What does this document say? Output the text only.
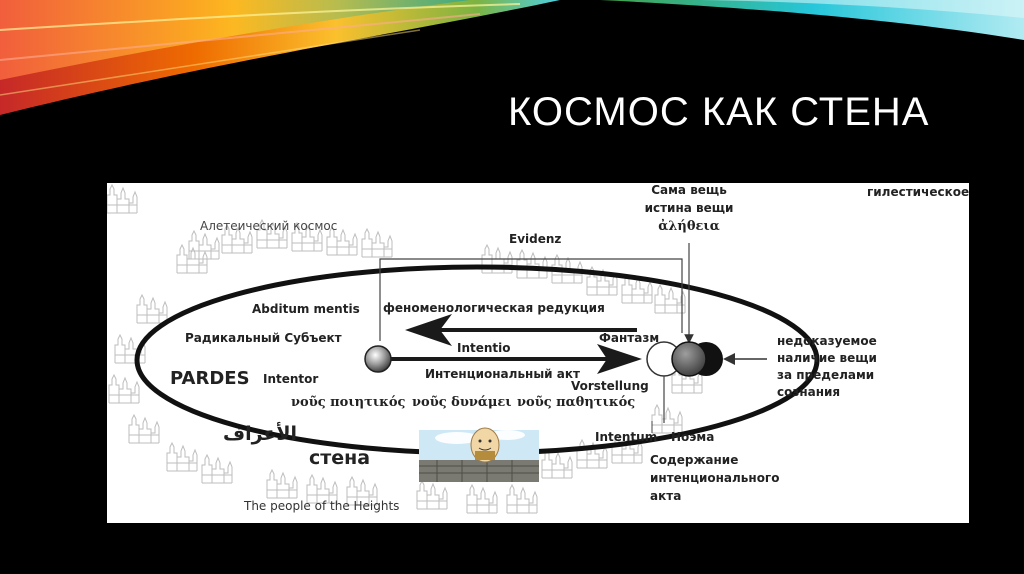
КОСМОС КАК СТЕНА
Алетеический космос
Evidenz
Сама вещь
истина вещи
ἀλήθεια
гилестическое
Abditum mentis феноменологическая редукция
Радикальный Субъект	Фантазм
Intentio
PARDES Intentor	Интенциональный акт
Vorstellung
νοῦς ποιητικός νοῦς δυνάμει νοῦς παθητικός
недоказуемое
наличие вещи
за пределами
сознания
الأعراف
стена
Intentum Ноэма
Содержание
интенционального
акта
The people of the Heights
